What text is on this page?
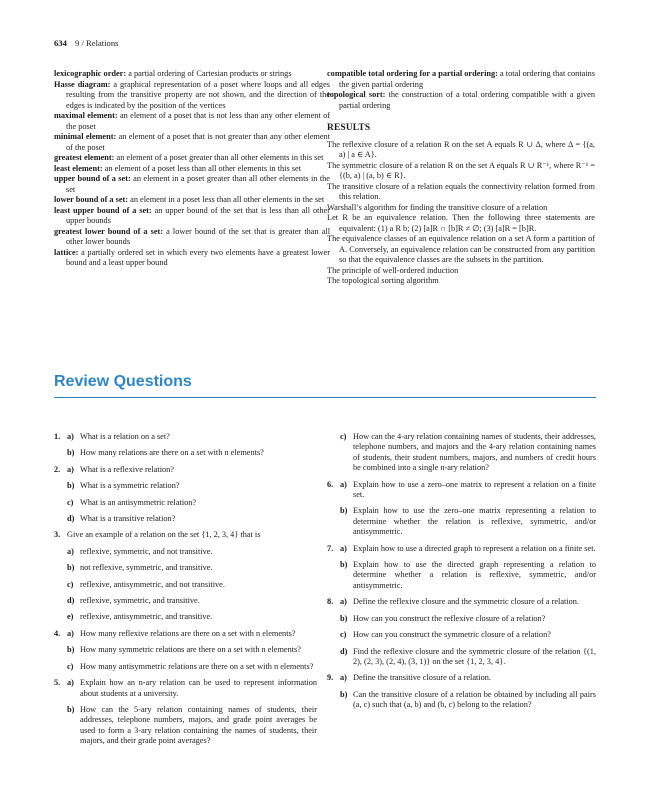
634 9 / Relations
lexicographic order: a partial ordering of Cartesian products or strings
Hasse diagram: a graphical representation of a poset where loops and all edges resulting from the transitive property are not shown, and the direction of the edges is indicated by the position of the vertices
maximal element: an element of a poset that is not less than any other element of the poset
minimal element: an element of a poset that is not greater than any other element of the poset
greatest element: an element of a poset greater than all other elements in this set
least element: an element of a poset less than all other elements in this set
upper bound of a set: an element in a poset greater than all other elements in the set
lower bound of a set: an element in a poset less than all other elements in the set
least upper bound of a set: an upper bound of the set that is less than all other upper bounds
greatest lower bound of a set: a lower bound of the set that is greater than all other lower bounds
lattice: a partially ordered set in which every two elements have a greatest lower bound and a least upper bound
compatible total ordering for a partial ordering: a total ordering that contains the given partial ordering
topological sort: the construction of a total ordering compatible with a given partial ordering
RESULTS
The reflexive closure of a relation R on the set A equals R ∪ Δ, where Δ = {(a, a) | a ∈ A}.
The symmetric closure of a relation R on the set A equals R ∪ R⁻¹, where R⁻¹ = {(b, a) | (a, b) ∈ R}.
The transitive closure of a relation equals the connectivity relation formed from this relation.
Warshall’s algorithm for finding the transitive closure of a relation
Let R be an equivalence relation. Then the following three statements are equivalent: (1) a R b; (2) [a]R ∩ [b]R ≠ ∅; (3) [a]R = [b]R.
The equivalence classes of an equivalence relation on a set A form a partition of A. Conversely, an equivalence relation can be constructed from any partition so that the equivalence classes are the subsets in the partition.
The principle of well-ordered induction
The topological sorting algorithm
Review Questions
1. a) What is a relation on a set?
b) How many relations are there on a set with n elements?
2. a) What is a reflexive relation?
b) What is a symmetric relation?
c) What is an antisymmetric relation?
d) What is a transitive relation?
3. Give an example of a relation on the set {1, 2, 3, 4} that is
a) reflexive, symmetric, and not transitive.
b) not reflexive, symmetric, and transitive.
c) reflexive, antisymmetric, and not transitive.
d) reflexive, symmetric, and transitive.
e) reflexive, antisymmetric, and transitive.
4. a) How many reflexive relations are there on a set with n elements?
b) How many symmetric relations are there on a set with n elements?
c) How many antisymmetric relations are there on a set with n elements?
5. a) Explain how an n-ary relation can be used to represent information about students at a university.
b) How can the 5-ary relation containing names of students, their addresses, telephone numbers, majors, and grade point averages be used to form a 3-ary relation containing the names of students, their majors, and their grade point averages?
c) How can the 4-ary relation containing names of students, their addresses, telephone numbers, and majors and the 4-ary relation containing names of students, their student numbers, majors, and numbers of credit hours be combined into a single n-ary relation?
6. a) Explain how to use a zero–one matrix to represent a relation on a finite set.
b) Explain how to use the zero–one matrix representing a relation to determine whether the relation is reflexive, symmetric, and/or antisymmetric.
7. a) Explain how to use a directed graph to represent a relation on a finite set.
b) Explain how to use the directed graph representing a relation to determine whether a relation is reflexive, symmetric, and/or antisymmetric.
8. a) Define the reflexive closure and the symmetric closure of a relation.
b) How can you construct the reflexive closure of a relation?
c) How can you construct the symmetric closure of a relation?
d) Find the reflexive closure and the symmetric closure of the relation {(1, 2), (2, 3), (2, 4), (3, 1)} on the set {1, 2, 3, 4}.
9. a) Define the transitive closure of a relation.
b) Can the transitive closure of a relation be obtained by including all pairs (a, c) such that (a, b) and (b, c) belong to the relation?
